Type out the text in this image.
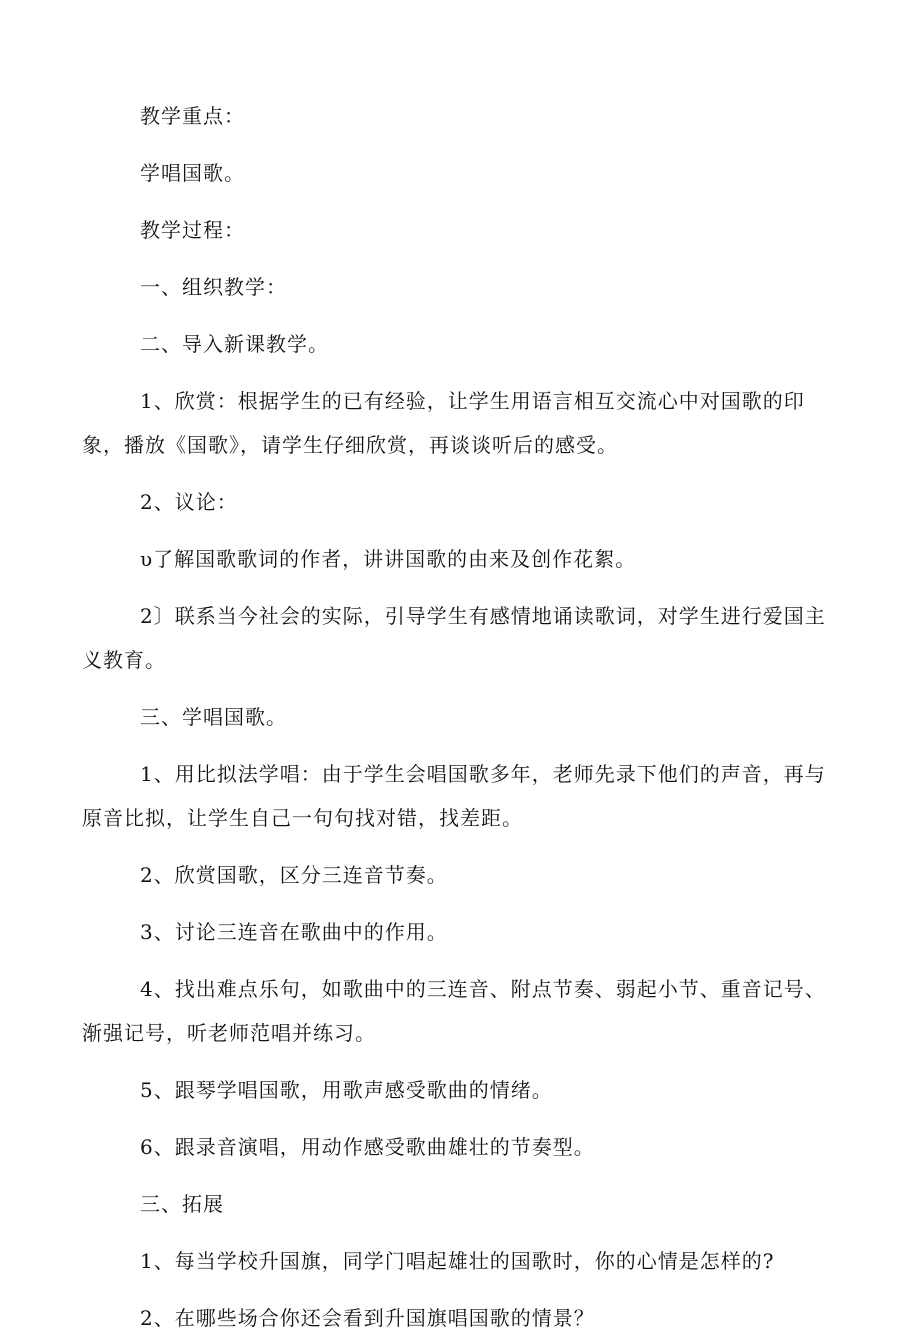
教学重点：

学唱国歌。

教学过程：

一、组织教学：

二、导入新课教学。

1、欣赏：根据学生的已有经验，让学生用语言相互交流心中对国歌的印象，播放《国歌》，请学生仔细欣赏，再谈谈听后的感受。

2、议论：

υ了解国歌歌词的作者，讲讲国歌的由来及创作花絮。

2〕联系当今社会的实际，引导学生有感情地诵读歌词，对学生进行爱国主义教育。

三、学唱国歌。

1、用比拟法学唱：由于学生会唱国歌多年，老师先录下他们的声音，再与原音比拟，让学生自己一句句找对错，找差距。

2、欣赏国歌，区分三连音节奏。

3、讨论三连音在歌曲中的作用。

4、找出难点乐句，如歌曲中的三连音、附点节奏、弱起小节、重音记号、渐强记号，听老师范唱并练习。

5、跟琴学唱国歌，用歌声感受歌曲的情绪。

6、跟录音演唱，用动作感受歌曲雄壮的节奏型。

三、拓展

1、每当学校升国旗，同学门唱起雄壮的国歌时，你的心情是怎样的?

2、在哪些场合你还会看到升国旗唱国歌的情景？
